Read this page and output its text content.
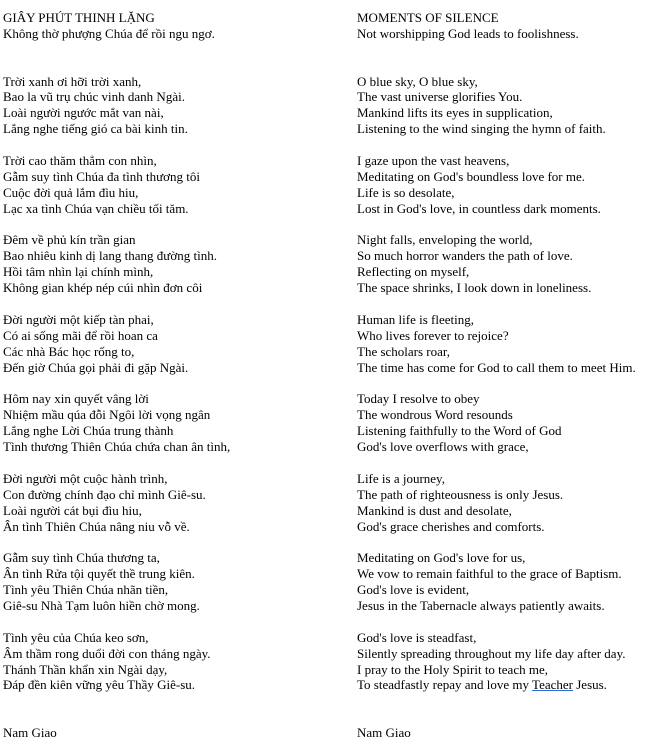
GIÂY PHÚT THINH LẶNG
Không thờ phượng Chúa để rồi ngu ngơ.
Trời xanh ơi hỡi trời xanh,
Bao la vũ trụ chúc vinh danh Ngài.
Loài người ngước mắt van nài,
Lắng nghe tiếng gió ca bài kinh tin.
Trời cao thăm thẳm con nhìn,
Gẫm suy tình Chúa đa tình thương tôi
Cuộc đời quả lắm đìu hiu,
Lạc xa tình Chúa vạn chiều tối tăm.
Đêm về phủ kín trần gian
Bao nhiêu kinh dị lang thang đường tình.
Hồi tâm nhìn lại chính mình,
Không gian khép nép cúi nhìn đơn côi
Đời người một kiếp tàn phai,
Có ai sống mãi để rồi hoan ca
Các nhà Bác học rống to,
Đến giờ Chúa gọi phải đi gặp Ngài.
Hôm nay xin quyết vâng lời
Nhiệm mầu qúa đỗi Ngôi lời vọng ngân
Lắng nghe Lời Chúa trung thành
Tình thương Thiên Chúa chứa chan ân tình,
Đời người một cuộc hành trình,
Con đường chính đạo chỉ mình Giê-su.
Loài người cát bụi đìu hiu,
Ân tình Thiên Chúa nâng niu vỗ về.
Gẫm suy tình Chúa thương ta,
Ân tình Rửa tội quyết thề trung kiên.
Tình yêu Thiên Chúa nhãn tiền,
Giê-su Nhà Tạm luôn hiền chờ mong.
Tình yêu của Chúa keo sơn,
Âm thầm rong duổi đời con tháng ngày.
Thánh Thần khẩn xin Ngài dạy,
Đáp đền kiên vững yêu Thầy Giê-su.
Nam Giao
MOMENTS OF SILENCE
Not worshipping God leads to foolishness.
O blue sky, O blue sky,
The vast universe glorifies You.
Mankind lifts its eyes in supplication,
Listening to the wind singing the hymn of faith.
I gaze upon the vast heavens,
Meditating on God's boundless love for me.
Life is so desolate,
Lost in God's love, in countless dark moments.
Night falls, enveloping the world,
So much horror wanders the path of love.
Reflecting on myself,
The space shrinks, I look down in loneliness.
Human life is fleeting,
Who lives forever to rejoice?
The scholars roar,
The time has come for God to call them to meet Him.
Today I resolve to obey
The wondrous Word resounds
Listening faithfully to the Word of God
God's love overflows with grace,
Life is a journey,
The path of righteousness is only Jesus.
Mankind is dust and desolate,
God's grace cherishes and comforts.
Meditating on God's love for us,
We vow to remain faithful to the grace of Baptism.
God's love is evident,
Jesus in the Tabernacle always patiently awaits.
God's love is steadfast,
Silently spreading throughout my life day after day.
I pray to the Holy Spirit to teach me,
To steadfastly repay and love my Teacher Jesus.
Nam Giao
